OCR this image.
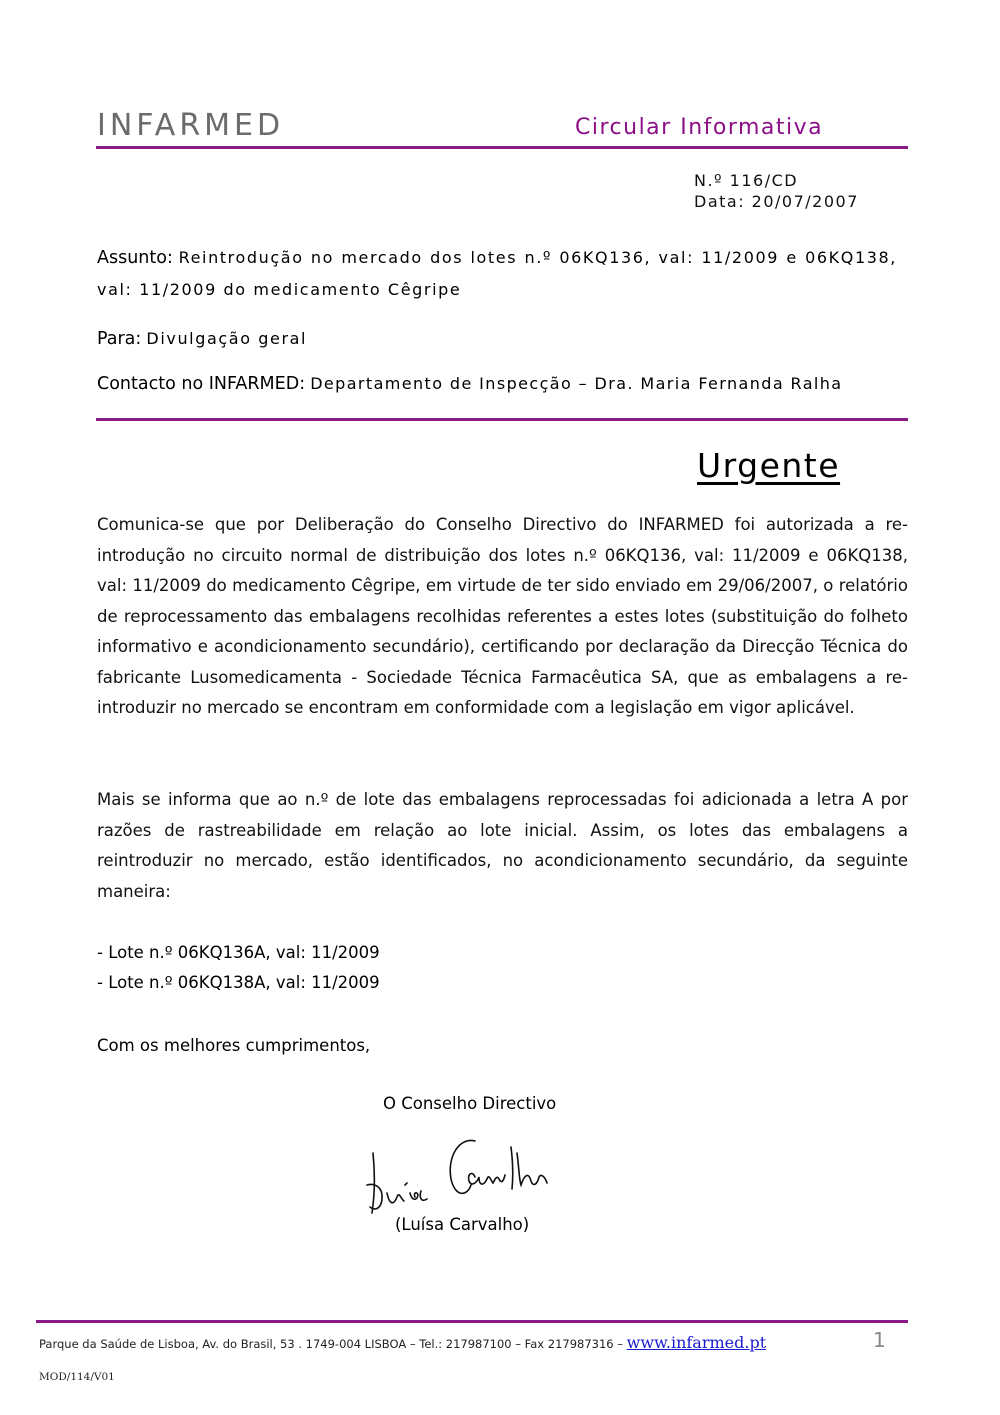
INFARMED	Circular Informativa
N.º 116/CD
Data: 20/07/2007
Assunto: Reintrodução no mercado dos lotes n.º 06KQ136, val: 11/2009 e 06KQ138, val: 11/2009 do medicamento Cêgripe
Para: Divulgação geral
Contacto no INFARMED: Departamento de Inspecção – Dra. Maria Fernanda Ralha
Urgente
Comunica-se que por Deliberação do Conselho Directivo do INFARMED foi autorizada a re-introdução no circuito normal de distribuição dos lotes n.º 06KQ136, val: 11/2009 e 06KQ138, val: 11/2009 do medicamento Cêgripe, em virtude de ter sido enviado em 29/06/2007, o relatório de reprocessamento das embalagens recolhidas referentes a estes lotes (substituição do folheto informativo e acondicionamento secundário), certificando por declaração da Direcção Técnica do fabricante Lusomedicamenta - Sociedade Técnica Farmacêutica SA, que as embalagens a re-introduzir no mercado se encontram em conformidade com a legislação em vigor aplicável.
Mais se informa que ao n.º de lote das embalagens reprocessadas foi adicionada a letra A por razões de rastreabilidade em relação ao lote inicial. Assim, os lotes das embalagens a reintroduzir no mercado, estão identificados, no acondicionamento secundário, da seguinte maneira:
- Lote n.º 06KQ136A, val: 11/2009
- Lote n.º 06KQ138A, val: 11/2009
Com os melhores cumprimentos,
O Conselho Directivo
(Luísa Carvalho)
Parque da Saúde de Lisboa, Av. do Brasil, 53 . 1749-004 LISBOA – Tel.: 217987100 – Fax 217987316 – www.infarmed.pt	1
MOD/114/V01
